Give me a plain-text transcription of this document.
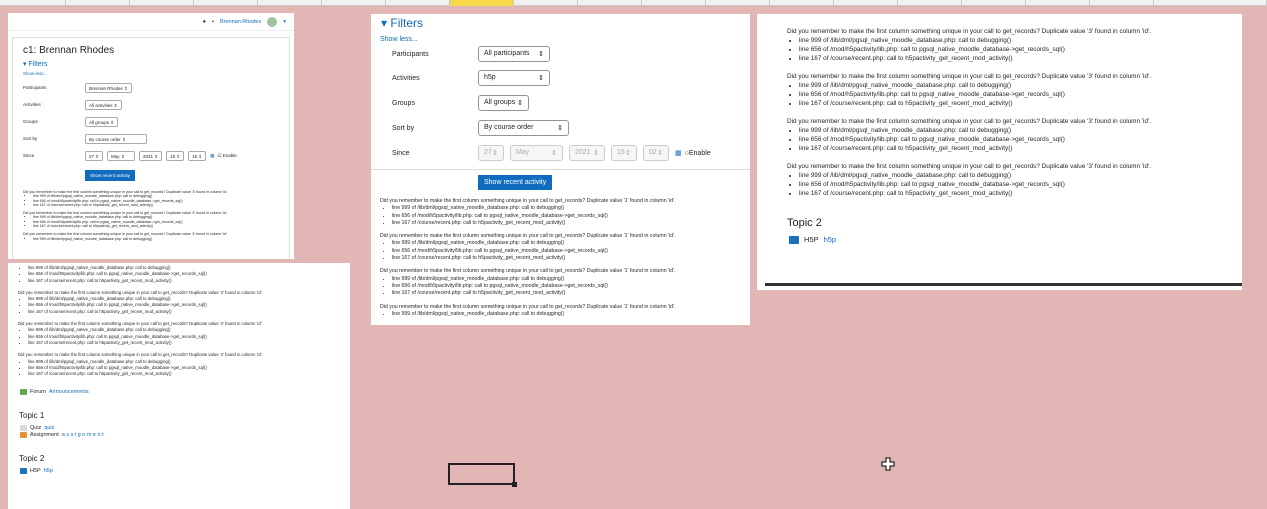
● ▪ Brennan Rhodes	▾
c1: Brennan Rhodes
▾ Filters
Show less...
Participants	Brennan Rhodes ⇕
Activities	All activities ⇕
Groups	All groups ⇕
Sort by	By course order ⇕
Since	27 ⇕	May ⇕	2021 ⇕	15 ⇕	15 ⇕	▦ ☑ Enable
Show recent activity
Did you remember to make the first column something unique in your call to get_records? Duplicate value '3' found in column 'id'.
• line 999 of /lib/dml/pgsql_native_moodle_database.php: call to debugging()
• line 656 of /mod/h5pactivity/lib.php: call to pgsql_native_moodle_database->get_records_sql()
• line 167 of /course/recent.php: call to h5pactivity_get_recent_mod_activity()
Did you remember to make the first column something unique in your call to get_records? Duplicate value '4' found in column 'id'.
• line 999 of /lib/dml/pgsql_native_moodle_database.php: call to debugging()
• line 656 of /mod/h5pactivity/lib.php: call to pgsql_native_moodle_database->get_records_sql()
• line 167 of /course/recent.php: call to h5pactivity_get_recent_mod_activity()
Did you remember to make the first column something unique in your call to get_records? Duplicate value '4' found in column 'id'.
• line 999 of /lib/dml/pgsql_native_moodle_database.php: call to debugging()
• line 999 of /lib/dml/pgsql_native_moodle_database.php: call to debugging()
• line 656 of /mod/h5pactivity/lib.php: call to pgsql_native_moodle_database->get_records_sql()
• line 167 of /course/recent.php: call to h5pactivity_get_recent_mod_activity()
Did you remember to make the first column something unique in your call to get_records? Duplicate value '4' found in column 'id'.
• line 999 of /lib/dml/pgsql_native_moodle_database.php: call to debugging()
• line 656 of /mod/h5pactivity/lib.php: call to pgsql_native_moodle_database->get_records_sql()
• line 167 of /course/recent.php: call to h5pactivity_get_recent_mod_activity()
Did you remember to make the first column something unique in your call to get_records? Duplicate value '4' found in column 'id'.
• line 999 of /lib/dml/pgsql_native_moodle_database.php: call to debugging()
• line 656 of /mod/h5pactivity/lib.php: call to pgsql_native_moodle_database->get_records_sql()
• line 167 of /course/recent.php: call to h5pactivity_get_recent_mod_activity()
Did you remember to make the first column something unique in your call to get_records? Duplicate value '4' found in column 'id'.
• line 999 of /lib/dml/pgsql_native_moodle_database.php: call to debugging()
• line 656 of /mod/h5pactivity/lib.php: call to pgsql_native_moodle_database->get_records_sql()
• line 167 of /course/recent.php: call to h5pactivity_get_recent_mod_activity()
Forum Announcements
Topic 1
Quiz quiz
Assignment a s s i g n m e n t
Topic 2
H5P h5p
▾ Filters
Show less...
Participants	All participants ⇕
Activities	h5p	⇕
Groups	All groups ⇕
Sort by	By course order	⇕
Since	27 ⇕	May	⇕	2021 ⇕	15 ⇕	02 ⇕ ▦ ○Enable
Show recent activity
Did you remember to make the first column something unique in your call to get_records? Duplicate value '1' found in column 'id'.
• line 999 of /lib/dml/pgsql_native_moodle_database.php: call to debugging()
• line 656 of /mod/h5pactivity/lib.php: call to pgsql_native_moodle_database->get_records_sql()
• line 167 of /course/recent.php: call to h5pactivity_get_recent_mod_activity()
Did you remember to make the first column something unique in your call to get_records? Duplicate value '1' found in column 'id'.
• line 999 of /lib/dml/pgsql_native_moodle_database.php: call to debugging()
• line 656 of /mod/h5pactivity/lib.php: call to pgsql_native_moodle_database->get_records_sql()
• line 167 of /course/recent.php: call to h5pactivity_get_recent_mod_activity()
Did you remember to make the first column something unique in your call to get_records? Duplicate value '1' found in column 'id'.
• line 999 of /lib/dml/pgsql_native_moodle_database.php: call to debugging()
• line 656 of /mod/h5pactivity/lib.php: call to pgsql_native_moodle_database->get_records_sql()
• line 167 of /course/recent.php: call to h5pactivity_get_recent_mod_activity()
Did you remember to make the first column something unique in your call to get_records? Duplicate value '1' found in column 'id'.
• line 999 of /lib/dml/pgsql_native_moodle_database.php: call to debugging()
Did you remember to make the first column something unique in your call to get_records? Duplicate value '3' found in column 'id'.
• line 999 of /lib/dml/pgsql_native_moodle_database.php: call to debugging()
• line 656 of /mod/h5pactivity/lib.php: call to pgsql_native_moodle_database->get_records_sql()
• line 167 of /course/recent.php: call to h5pactivity_get_recent_mod_activity()
Did you remember to make the first column something unique in your call to get_records? Duplicate value '3' found in column 'id'.
• line 999 of /lib/dml/pgsql_native_moodle_database.php: call to debugging()
• line 656 of /mod/h5pactivity/lib.php: call to pgsql_native_moodle_database->get_records_sql()
• line 167 of /course/recent.php: call to h5pactivity_get_recent_mod_activity()
Did you remember to make the first column something unique in your call to get_records? Duplicate value '3' found in column 'id'.
• line 999 of /lib/dml/pgsql_native_moodle_database.php: call to debugging()
• line 656 of /mod/h5pactivity/lib.php: call to pgsql_native_moodle_database->get_records_sql()
• line 167 of /course/recent.php: call to h5pactivity_get_recent_mod_activity()
Did you remember to make the first column something unique in your call to get_records? Duplicate value '3' found in column 'id'.
• line 999 of /lib/dml/pgsql_native_moodle_database.php: call to debugging()
• line 656 of /mod/h5pactivity/lib.php: call to pgsql_native_moodle_database->get_records_sql()
• line 167 of /course/recent.php: call to h5pactivity_get_recent_mod_activity()
Topic 2
H5P h5p
